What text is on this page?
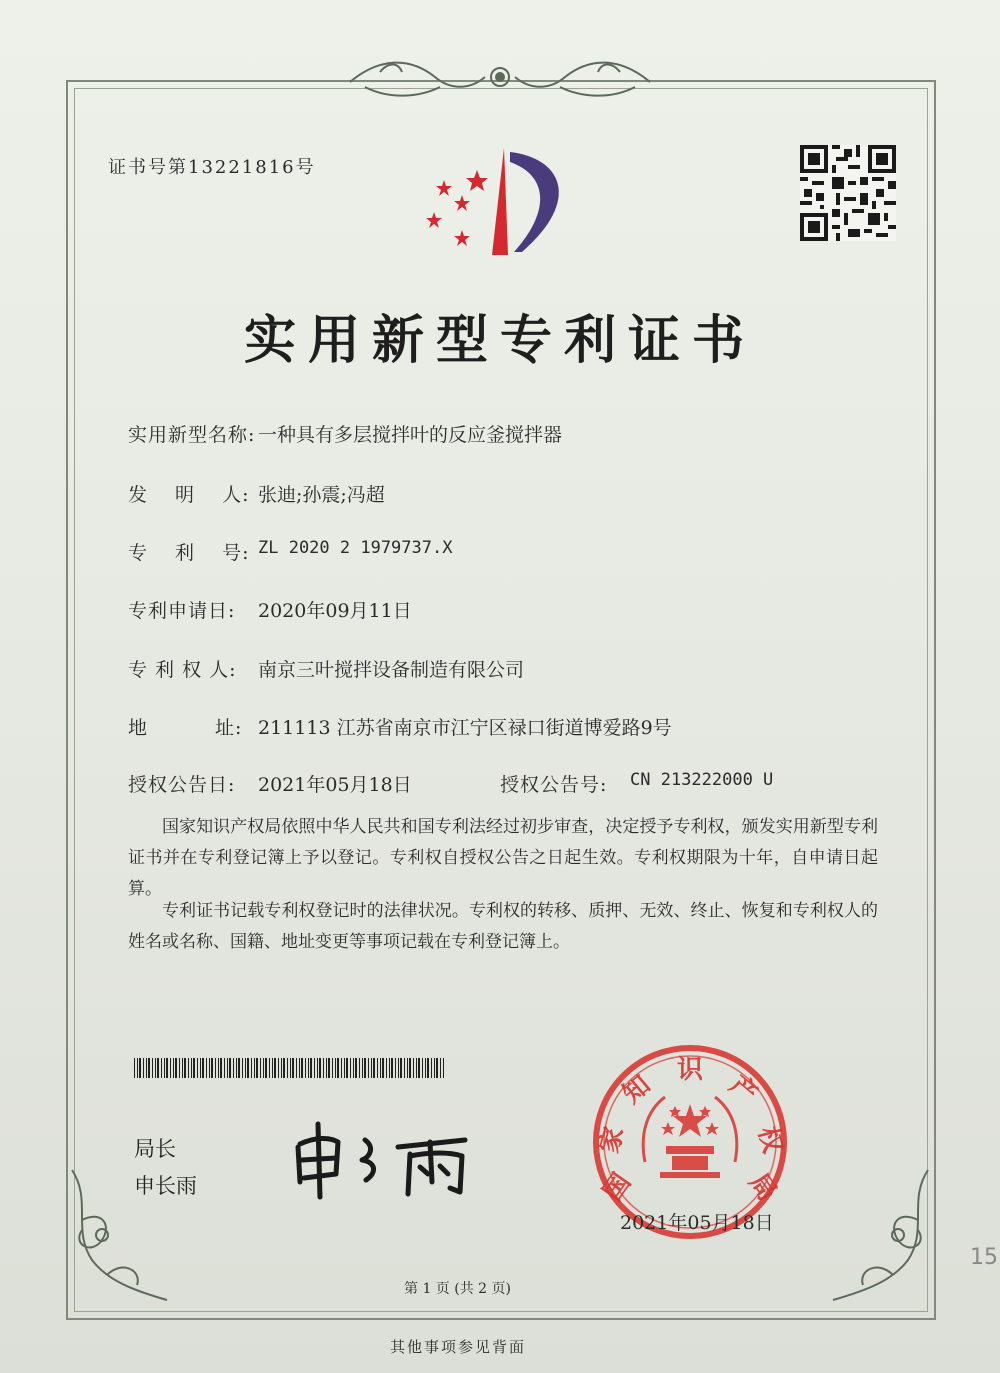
证书号第13221816号
实用新型专利证书
实用新型名称: 一种具有多层搅拌叶的反应釜搅拌器
发　 明　 人: 张迪;孙震;冯超
专　 利　 号: ZL 2020 2 1979737.X
专利申请日: 2020年09月11日
专 利 权 人: 南京三叶搅拌设备制造有限公司
地　　　 址: 211113 江苏省南京市江宁区禄口街道博爱路9号
授权公告日: 2021年05月18日	授权公告号: CN 213222000 U
国家知识产权局依照中华人民共和国专利法经过初步审查，决定授予专利权，颁发实用新型专利证书并在专利登记簿上予以登记。专利权自授权公告之日起生效。专利权期限为十年，自申请日起算。
专利证书记载专利权登记时的法律状况。专利权的转移、质押、无效、终止、恢复和专利权人的姓名或名称、国籍、地址变更等事项记载在专利登记簿上。
局长
申长雨	国
家
知
识
产
权
局
2021年05月18日
第 1 页 (共 2 页)
其他事项参见背面
15
